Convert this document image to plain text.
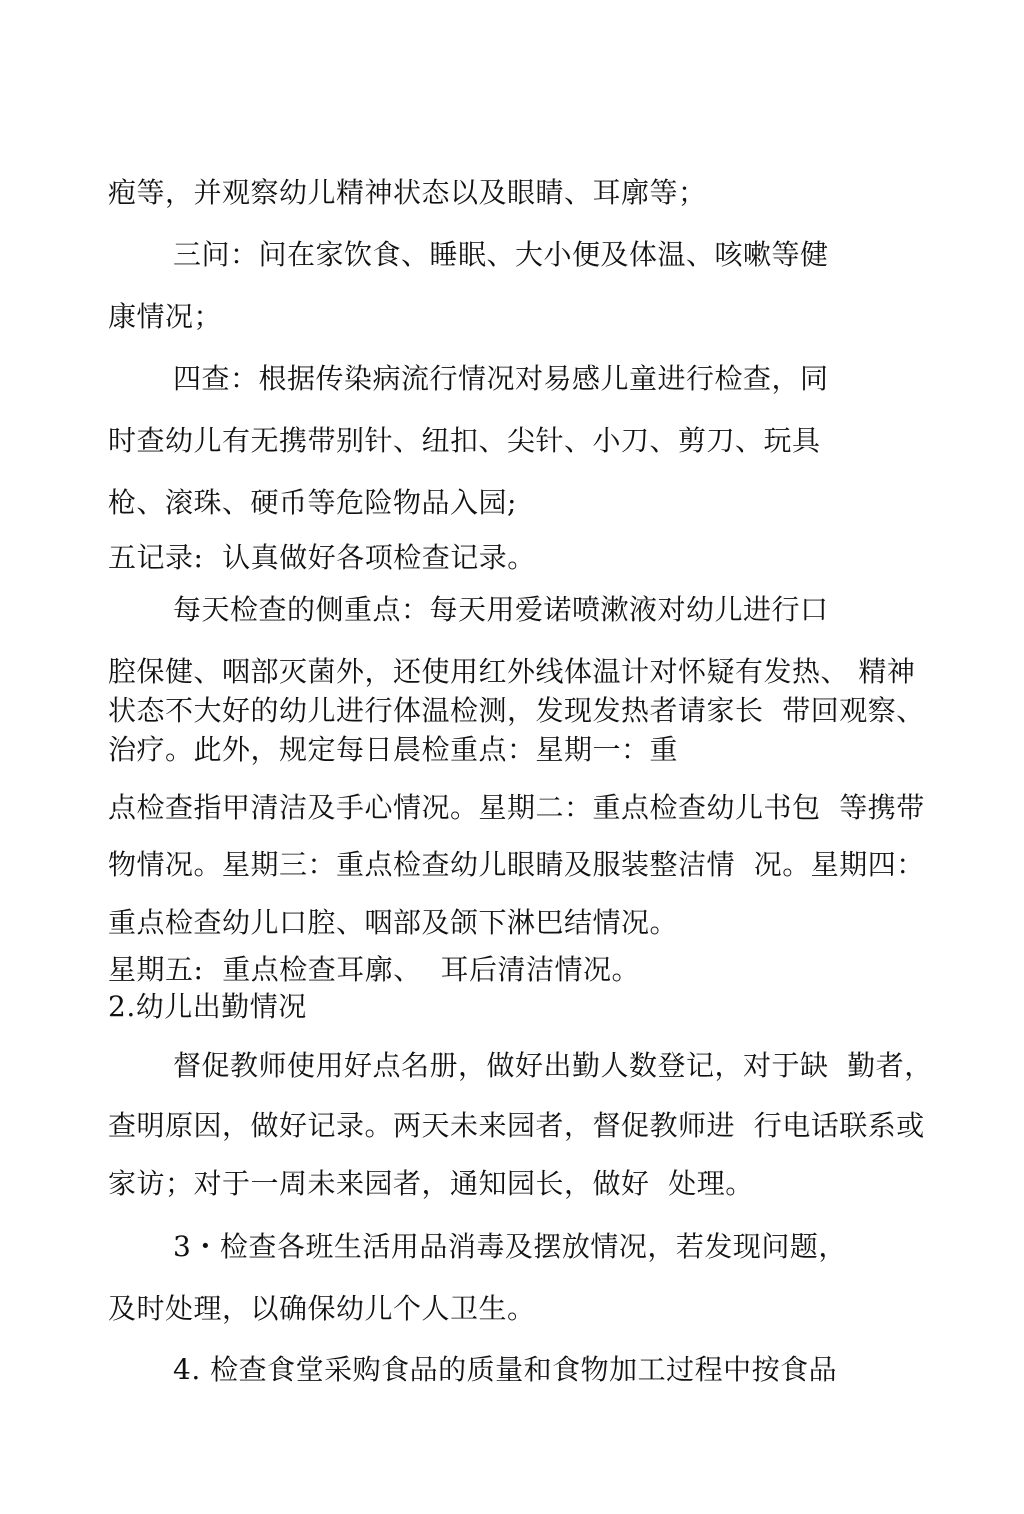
疱等，并观察幼儿精神状态以及眼睛、耳廓等；
三问：问在家饮食、睡眠、大小便及体温、咳嗽等健
康情况；
四查：根据传染病流行情况对易感儿童进行检查，同
时查幼儿有无携带别针、纽扣、尖针、小刀、剪刀、玩具
枪、滚珠、硬币等危险物品入园;
五记录:  认真做好各项检查记录。
每天检查的侧重点：每天用爱诺喷漱液对幼儿进行口
腔保健、咽部灭菌外，还使用红外线体温计对怀疑有发热、 精神
状态不大好的幼儿进行体温检测，发现发热者请家长  带回观察、
治疗。此外，规定每日晨检重点：星期一：重
点检查指甲清洁及手心情况。星期二：重点检查幼儿书包  等携带
物情况。星期三：重点检查幼儿眼睛及服装整洁情  况。星期四：
重点检查幼儿口腔、咽部及颌下淋巴结情况。
星期五:  重点检查耳廓、  耳后清洁情况。
2.幼儿出勤情况
督促教师使用好点名册，做好出勤人数登记，对于缺  勤者，
查明原因，做好记录。两天未来园者，督促教师进  行电话联系或
家访；对于一周未来园者，通知园长，做好  处理。
3・检查各班生活用品消毒及摆放情况，若发现问题，
及时处理，以确保幼儿个人卫生。
4. 检查食堂采购食品的质量和食物加工过程中按食品
